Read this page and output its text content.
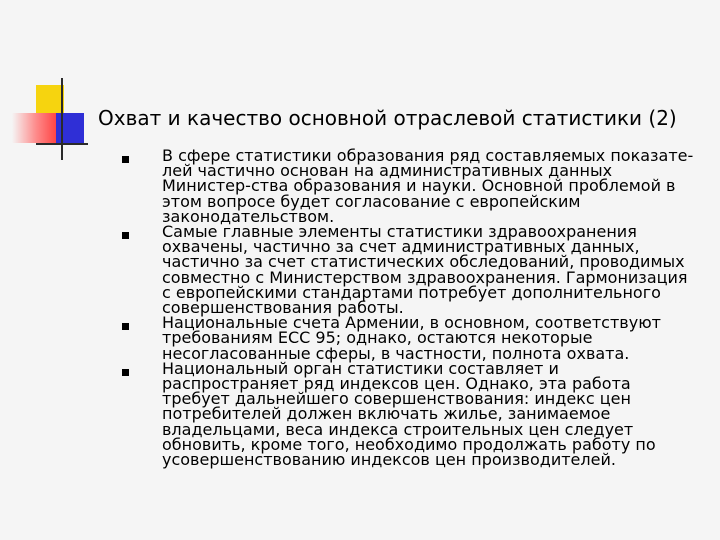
Охват и качество основной отраслевой статистики (2)
В сфере статистики образования ряд составляемых показате-лей частично основан на административных данных Министер-ства образования и науки. Основной проблемой в этом вопросе будет согласование с европейским законодательством.
Самые главные элементы статистики здравоохранения охвачены, частично за счет административных данных, частично за счет статистических обследований, проводимых совместно с Министерством здравоохранения. Гармонизация с европейскими стандартами потребует дополнительного совершенствования работы.
Национальные счета Армении, в основном, соответствуют требованиям ЕСС 95; однако, остаются некоторые несогласованные сферы, в частности, полнота охвата.
Национальный орган статистики составляет и распространяет ряд индексов цен. Однако, эта работа требует дальнейшего совершенствования: индекс цен потребителей должен включать жилье, занимаемое владельцами, веса индекса строительных цен следует обновить, кроме того, необходимо продолжать работу по усовершенствованию индексов цен производителей.
